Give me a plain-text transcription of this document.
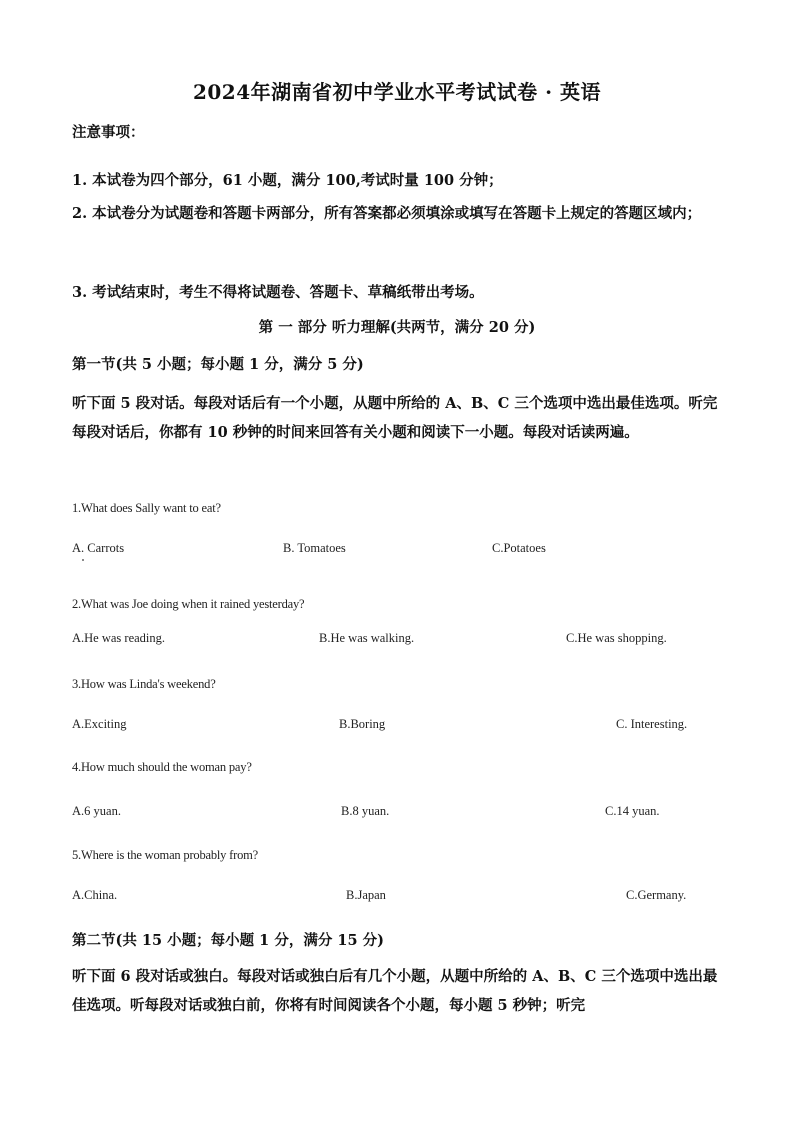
2024年湖南省初中学业水平考试试卷 · 英语
注意事项：
1. 本试卷为四个部分，61 小题，满分 100,考试时量 100 分钟；
2. 本试卷分为试题卷和答题卡两部分，所有答案都必须填涂或填写在答题卡上规定的答题区域内；
3. 考试结束时，考生不得将试题卷、答题卡、草稿纸带出考场。
第 一 部分 听力理解(共两节，满分 20 分)
第一节(共 5 小题；每小题 1 分，满分 5 分)
听下面 5 段对话。每段对话后有一个小题，从题中所给的 A、B、C 三个选项中选出最佳选项。听完每段对话后，你都有 10 秒钟的时间来回答有关小题和阅读下一小题。每段对话读两遍。
1.What does Sally want to eat?
A. Carrots	B. Tomatoes	C.Potatoes
2.What was Joe doing when it rained yesterday?
A.He was reading.	B.He was walking.	C.He was shopping.
3.How was Linda's weekend?
A.Exciting	B.Boring	C. Interesting.
4.How much should the woman pay?
A.6 yuan.	B.8 yuan.	C.14 yuan.
5.Where is the woman probably from?
A.China.	B.Japan	C.Germany.
第二节(共 15 小题；每小题 1 分，满分 15 分)
听下面 6 段对话或独白。每段对话或独白后有几个小题，从题中所给的 A、B、C 三个选项中选出最佳选项。听每段对话或独白前，你将有时间阅读各个小题，每小题 5 秒钟；听完
